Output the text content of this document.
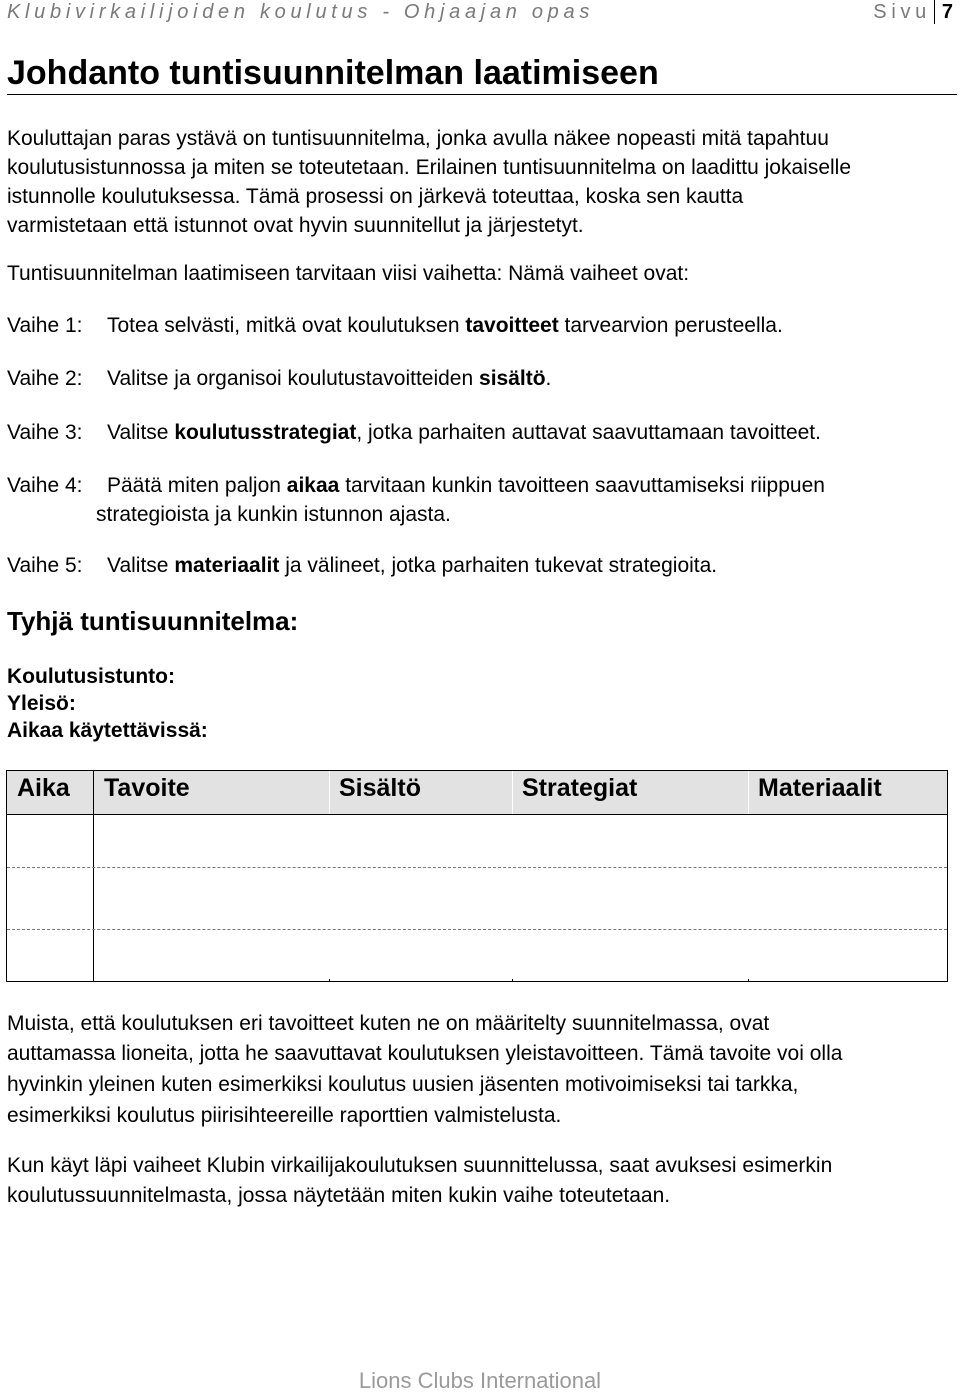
Klubivirkailijoiden koulutus - Ohjaajan opas	Sivu 7
Johdanto tuntisuunnitelman laatimiseen

Kouluttajan paras ystävä on tuntisuunnitelma, jonka avulla näkee nopeasti mitä tapahtuu

koulutusistunnossa ja miten se toteutetaan. Erilainen tuntisuunnitelma on laadittu jokaiselle

istunnolle koulutuksessa. Tämä prosessi on järkevä toteuttaa, koska sen kautta

varmistetaan että istunnot ovat hyvin suunnitellut ja järjestetyt.

Tuntisuunnitelman laatimiseen tarvitaan viisi vaihetta: Nämä vaiheet ovat:

Vaihe 1: Totea selvästi, mitkä ovat koulutuksen tavoitteet tarvearvion perusteella.
Vaihe 2: Valitse ja organisoi koulutustavoitteiden sisältö.
Vaihe 3: Valitse koulutusstrategiat, jotka parhaiten auttavat saavuttamaan tavoitteet.
Vaihe 4: Päätä miten paljon aikaa tarvitaan kunkin tavoitteen saavuttamiseksi riippuen
strategioista ja kunkin istunnon ajasta.
Vaihe 5: Valitse materiaalit ja välineet, jotka parhaiten tukevat strategioita.
Tyhjä tuntisuunnitelma:
Koulutusistunto:
Yleisö:
Aikaa käytettävissä:
Aika	Tavoite	Sisältö	Strategiat	Materiaalit

Muista, että koulutuksen eri tavoitteet kuten ne on määritelty suunnitelmassa, ovat

auttamassa lioneita, jotta he saavuttavat koulutuksen yleistavoitteen. Tämä tavoite voi olla

hyvinkin yleinen kuten esimerkiksi koulutus uusien jäsenten motivoimiseksi tai tarkka,

esimerkiksi koulutus piirisihteereille raporttien valmistelusta.

Kun käyt läpi vaiheet Klubin virkailijakoulutuksen suunnittelussa, saat avuksesi esimerkin

koulutussuunnitelmasta, jossa näytetään miten kukin vaihe toteutetaan.

Lions Clubs International
